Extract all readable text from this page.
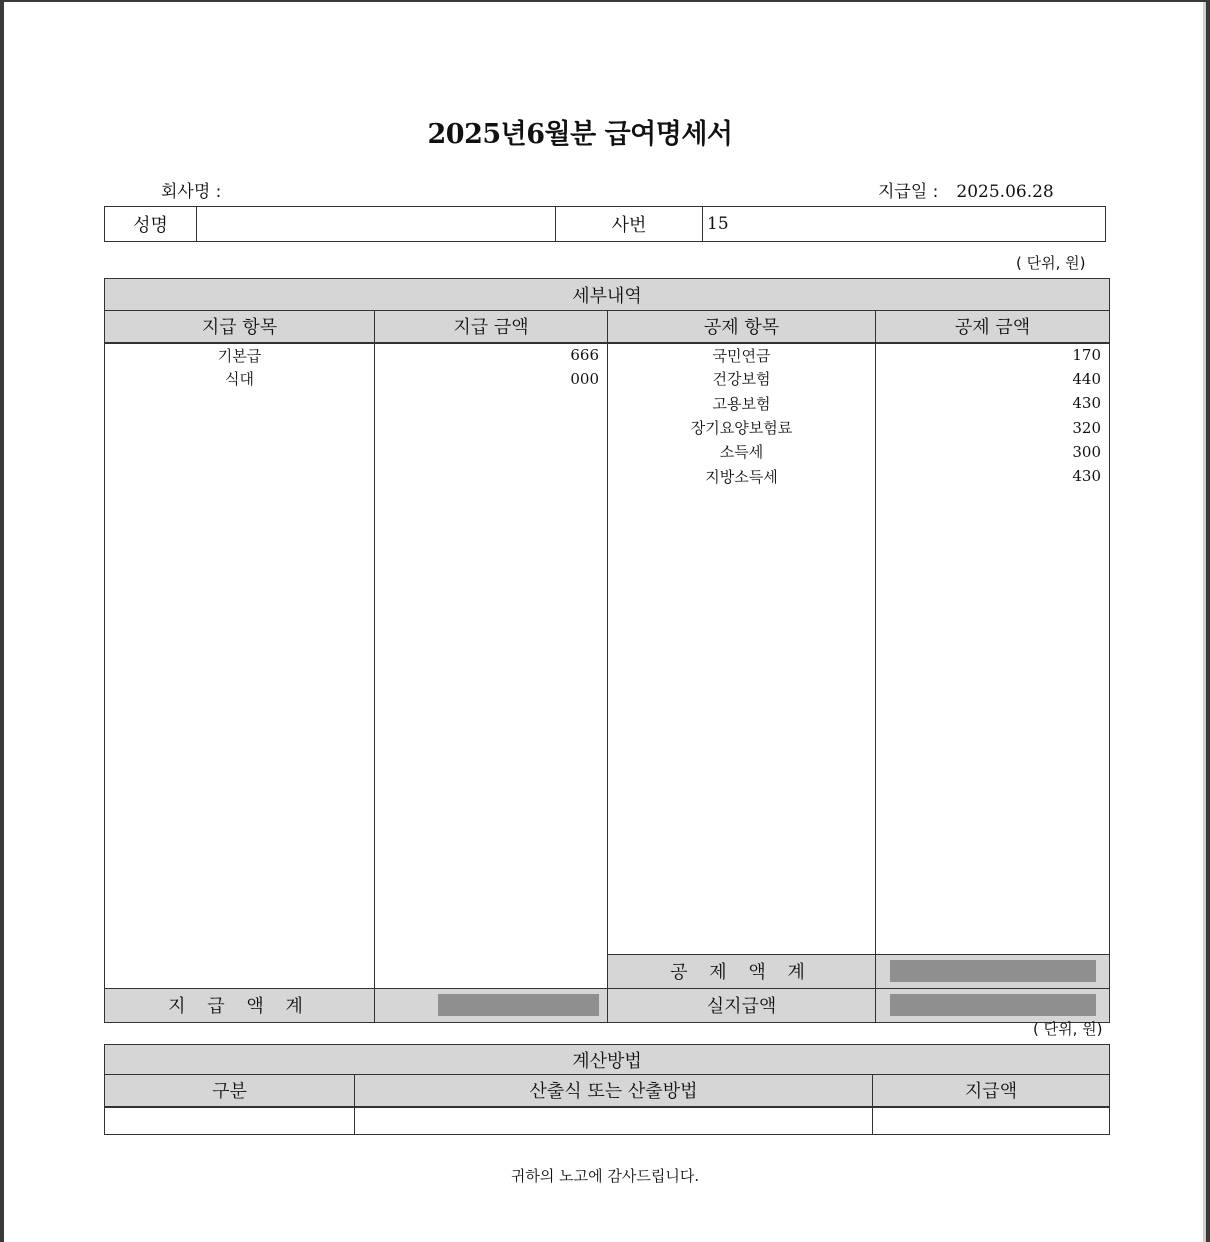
2025년6월분 급여명세서
회사명 :	지급일 : 2025.06.28
성명		사번	15
( 단위, 원)
세부내역			
지급 항목	지급 금액	공제 항목	공제 금액
기본급	666	국민연금	170
식대	000	건강보험	440
		고용보험	430
		장기요양보험료	320
		소득세	300
		지방소득세	430

		공 제 액 계	
지 급 액 계		실지급액	
( 단위, 원)
계산방법		
구분	산출식 또는 산출방법	지급액

귀하의 노고에 감사드립니다.
